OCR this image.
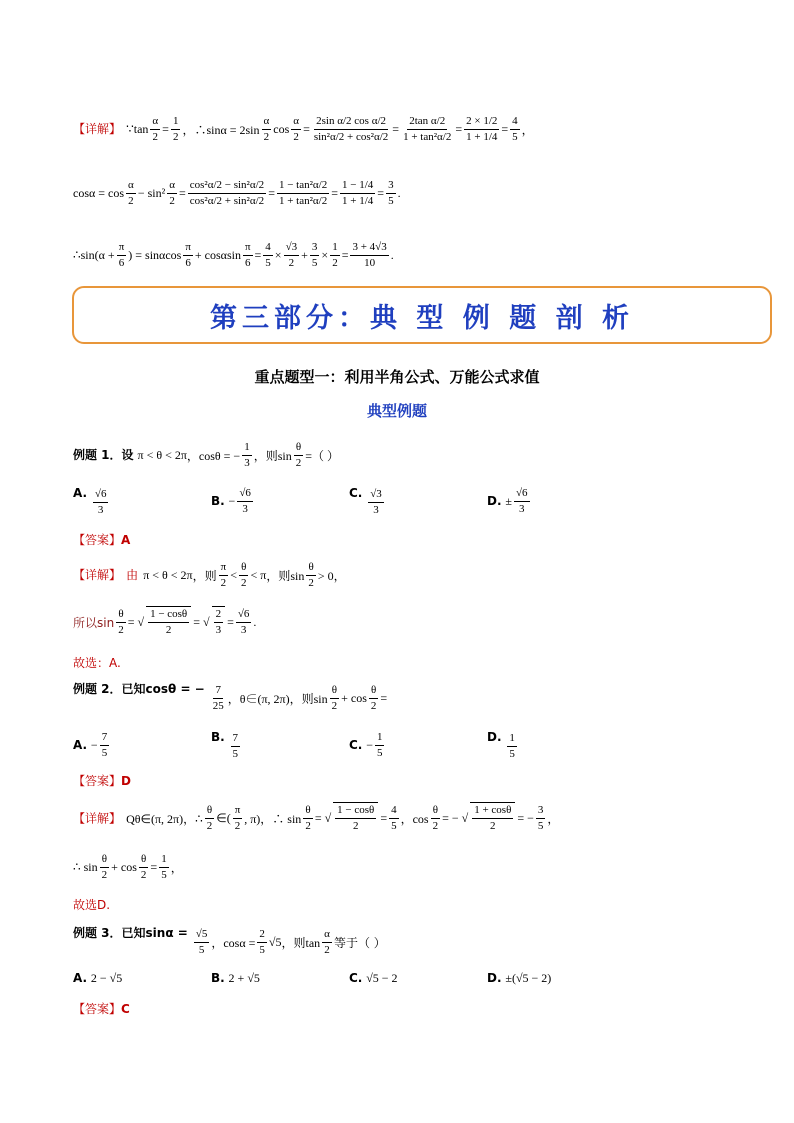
【详解】 ∵tan $\frac{\alpha}{2} = \frac{1}{2}$ ，∴sinα = $2\sin \frac{\alpha}{2}$ $\cos \frac{\alpha}{2} = \frac{\text{2sin α/2 cos α/2}}{\text{sin²α/2 + cos²α/2}} = \frac{\text{2tan α/2}}{\text{1 + tan²α/2}} = \frac{2 \times 1/2}{1 + 1/4} = \frac{4}{5}$ ，
$\cos\alpha = \cos \frac{\alpha}{2} - \sin^2 \frac{\alpha}{2} = \frac{\text{cos²α/2 − sin²α/2}}{\text{cos²α/2 + sin²α/2}} = \frac{\text{1 − tan²α/2}}{\text{1 + tan²α/2}} = \frac{1 - 1/4}{1 + 1/4} = \frac{3}{5}$ .
∴sin ($\alpha + \frac{\pi}{6}$ ) = sinαcos $\frac{\pi}{6} + \cos\alpha\sin \frac{\pi}{6} = \frac{4}{5} \times \frac{√3}{2} + \frac{3}{5} \times \frac{1}{2} = \frac{3 + 4√3}{10}$ .
第三部分：典 型 例 题 剖 析
重点题型一：利用半角公式、万能公式求值
典型例题
例题 1．设 π < θ < 2π ，cosθ = − $\frac{1}{3}$ ，则$\sin \frac{\theta}{2}$ =（ ）
A. $\frac{√6}{3}$	B. − $\frac{√6}{3}$	C. $\frac{√3}{3}$	D. ± $\frac{√6}{3}$
【答案】A
【详解】 由 π < θ < 2π ，则 $\frac{\pi}{2} < \frac{\theta}{2} < \pi$ ，则$\sin \frac{\theta}{2} > 0$，
所以$\sin \frac{\theta}{2}$ = √ $\frac{1 - \cos\theta}{2}$ = √ $\frac{2}{3} = \frac{√6}{3}$ .
故选：A.
例题 2．已知cosθ = − $\frac{7}{25}$ ，θ∈(π, 2π)，则$\sin \frac{\theta}{2} + \cos \frac{\theta}{2}$ =
A. − $\frac{7}{5}$	B. $\frac{7}{5}$	C. − $\frac{1}{5}$	D. $\frac{1}{5}$
【答案】D
【详解】 Qθ∈(π, 2π)，∴ $\frac{\theta}{2}$ ∈( $\frac{\pi}{2}$ , π)，∴ $\sin \frac{\theta}{2}$ = √ $\frac{1 - \cos\theta}{2} = \frac{4}{5}$ ，$\cos \frac{\theta}{2}$ = − √ $\frac{1 + \cos\theta}{2}$ = − $\frac{3}{5}$ ，
∴ $\sin \frac{\theta}{2} + \cos \frac{\theta}{2} = \frac{1}{5}$ ，
故选D.
例题 3．已知$\sin\alpha = \frac{√5}{5}$ ，$\cos\alpha = \frac{2}{5} √5$ ，则$\tan \frac{\alpha}{2}$ 等于（ ）
A. 2 − √5	B. 2 + √5	C. √5 − 2	D. ±(√5 − 2)
【答案】C
